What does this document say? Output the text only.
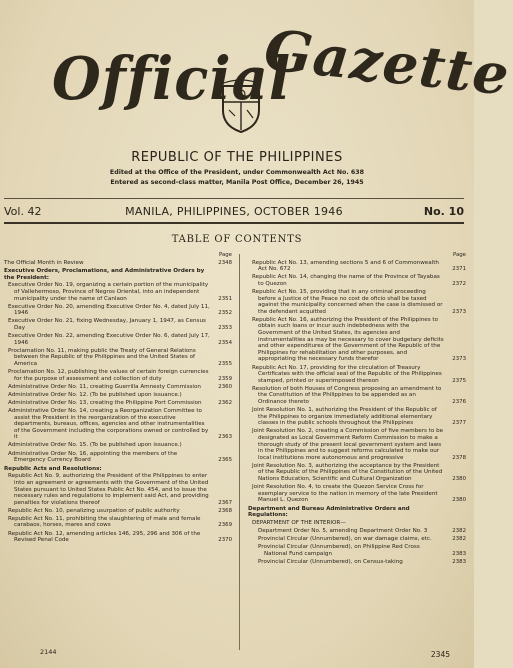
Official
Gazette
REPUBLIC OF THE PHILIPPINES
Edited at the Office of the President, under Commonwealth Act No. 638
Entered as second-class matter, Manila Post Office, December 26, 1945
Vol. 42	MANILA, PHILIPPINES, OCTOBER 1946	No. 10
TABLE OF CONTENTS
Page
The Official Month in Review	2348
Executive Orders, Proclamations, and Administrative Orders by the President:
Executive Order No. 19, organizing a certain portion of the municipality of Vallehermoso, Province of Negros Oriental, into an independent municipality under the name of Canlaon	2351
Executive Order No. 20, amending Executive Order No. 4, dated July 11, 1946	2352
Executive Order No. 21, fixing Wednesday, January 1, 1947, as Census Day	2353
Executive Order No. 22, amending Executive Order No. 6, dated July 17, 1946	2354
Proclamation No. 11, making public the Treaty of General Relations between the Republic of the Philippines and the United States of America	2355
Proclamation No. 12, publishing the values of certain foreign currencies for the purpose of assessment and collection of duty	2359
Administrative Order No. 11, creating Guerrilla Amnesty Commission	2360
Administrative Order No. 12. (To be published upon issuance.)
Administrative Order No. 13, creating the Philippine Port Commission	2362
Administrative Order No. 14, creating a Reorganization Committee to assist the President in the reorganization of the executive departments, bureaus, offices, agencies and other instrumentalities of the Government including the corporations owned or controlled by it	2363
Administrative Order No. 15. (To be published upon issuance.)
Administrative Order No. 16, appointing the members of the Emergency Currency Board	2365
Republic Acts and Resolutions:
Republic Act No. 9, authorizing the President of the Philippines to enter into an agreement or agreements with the Government of the United States pursuant to United States Public Act No. 454, and to issue the necessary rules and regulations to implement said Act, and providing penalties for violations thereof	2367
Republic Act No. 10, penalizing usurpation of public authority	2368
Republic Act No. 11, prohibiting the slaughtering of male and female carabaos, horses, mares and cows	2369
Republic Act No. 12, amending articles 146, 295, 296 and 306 of the Revised Penal Code	2370
Page
Republic Act No. 13, amending sections 5 and 6 of Commonwealth Act No. 672	2371
Republic Act No. 14, changing the name of the Province of Tayabas to Quezon	2372
Republic Act No. 15, providing that in any criminal proceeding before a Justice of the Peace no cost de oficio shall be taxed against the municipality concerned when the case is dismissed or the defendant acquitted	2373
Republic Act No. 16, authorizing the President of the Philippines to obtain such loans or incur such indebtedness with the Government of the United States, its agencies and instrumentalities as may be necessary to cover budgetary deficits and other expenditures of the Government of the Republic of the Philippines for rehabilitation and other purposes, and appropriating the necessary funds therefor	2373
Republic Act No. 17, providing for the circulation of Treasury Certificates with the official seal of the Republic of the Philippines stamped, printed or superimposed thereon	2375
Resolution of both Houses of Congress proposing an amendment to the Constitution of the Philippines to be appended as an Ordinance thereto	2376
Joint Resolution No. 1, authorizing the President of the Republic of the Philippines to organize immediately additional elementary classes in the public schools throughout the Philippines	2377
Joint Resolution No. 2, creating a Commission of five members to be designated as Local Government Reform Commission to make a thorough study of the present local government system and laws in the Philippines and to suggest reforms calculated to make our local institutions more autonomous and progressive	2378
Joint Resolution No. 3, authorizing the acceptance by the President of the Republic of the Philippines of the Constitution of the United Nations Education, Scientific and Cultural Organization	2380
Joint Resolution No. 4, to create the Quezon Service Cross for exemplary service to the nation in memory of the late President Manuel L. Quezon	2380
Department and Bureau Administrative Orders and Regulations:
DEPARTMENT OF THE INTERIOR—
Department Order No. 5, amending Department Order No. 3	2382
Provincial Circular (Unnumbered), on war damage claims, etc.	2382
Provincial Circular (Unnumbered), on Philippine Red Cross National Fund campaign	2383
Provincial Circular (Unnumbered), on Census-taking	2383
2144	2345
